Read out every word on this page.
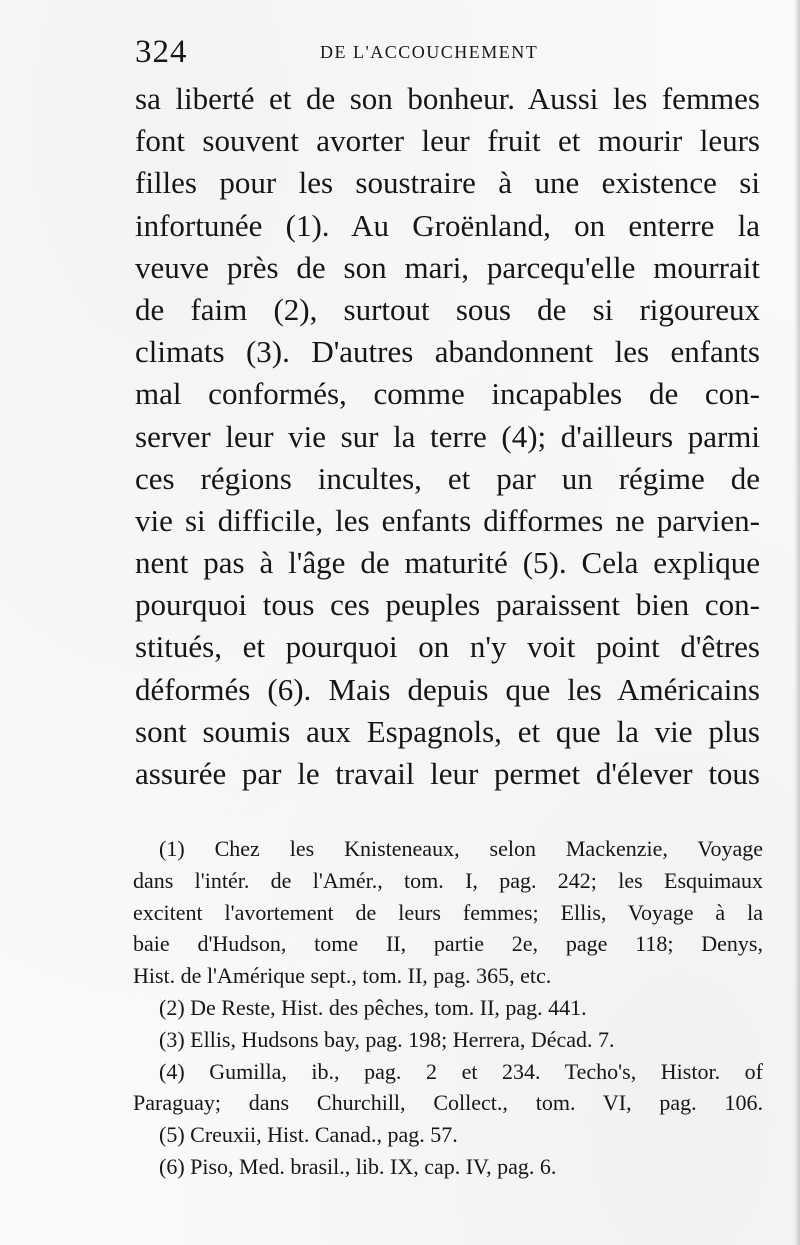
324	DE L'ACCOUCHEMENT
sa liberté et de son bonheur. Aussi les femmes
font souvent avorter leur fruit et mourir leurs
filles pour les soustraire à une existence si
infortunée (1). Au Groënland, on enterre la
veuve près de son mari, parcequ'elle mourrait
de faim (2), surtout sous de si rigoureux
climats (3). D'autres abandonnent les enfants
mal conformés, comme incapables de con-
server leur vie sur la terre (4); d'ailleurs parmi
ces régions incultes, et par un régime de
vie si difficile, les enfants difformes ne parvien-
nent pas à l'âge de maturité (5). Cela explique
pourquoi tous ces peuples paraissent bien con-
stitués, et pourquoi on n'y voit point d'êtres
déformés (6). Mais depuis que les Américains
sont soumis aux Espagnols, et que la vie plus
assurée par le travail leur permet d'élever tous
(1) Chez les Knisteneaux, selon Mackenzie, Voyage
dans l'intér. de l'Amér., tom. I, pag. 242; les Esquimaux
excitent l'avortement de leurs femmes; Ellis, Voyage à la
baie d'Hudson, tome II, partie 2e, page 118; Denys,
Hist. de l'Amérique sept., tom. II, pag. 365, etc.
(2) De Reste, Hist. des pêches, tom. II, pag. 441.
(3) Ellis, Hudsons bay, pag. 198; Herrera, Décad. 7.
(4) Gumilla, ib., pag. 2 et 234. Techo's, Histor. of
Paraguay; dans Churchill, Collect., tom. VI, pag. 106.
(5) Creuxii, Hist. Canad., pag. 57.
(6) Piso, Med. brasil., lib. IX, cap. IV, pag. 6.
